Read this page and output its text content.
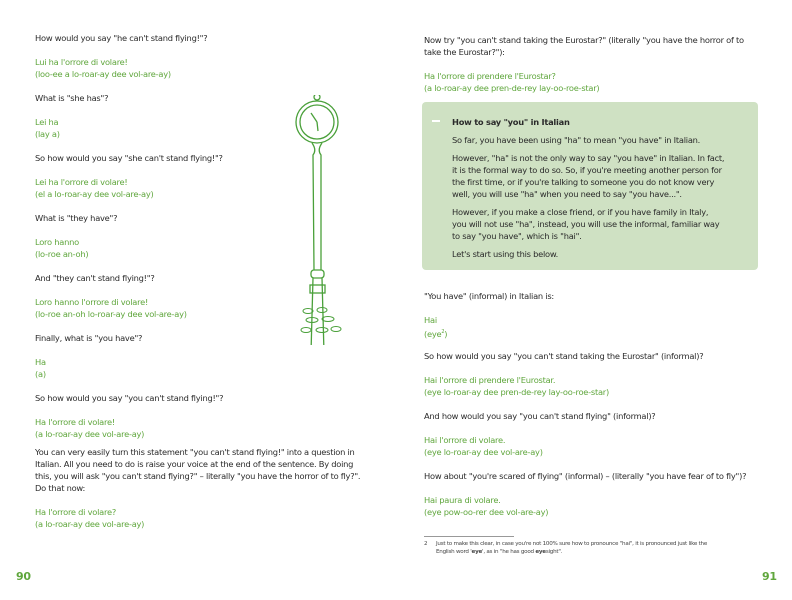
How would you say "he can't stand flying!"?
Lui ha l'orrore di volare!
(loo-ee a lo-roar-ay dee vol-are-ay)
What is "she has"?
Lei ha
(lay a)
So how would you say "she can't stand flying!"?
Lei ha l'orrore di volare!
(el a lo-roar-ay dee vol-are-ay)
What is "they have"?
Loro hanno
(lo-roe an-oh)
And "they can't stand flying!"?
Loro hanno l'orrore di volare!
(lo-roe an-oh lo-roar-ay dee vol-are-ay)
Finally, what is "you have"?
Ha
(a)
So how would you say "you can't stand flying!"?
Ha l'orrore di volare!
(a lo-roar-ay dee vol-are-ay)
You can very easily turn this statement "you can't stand flying!" into a question in
Italian. All you need to do is raise your voice at the end of the sentence. By doing
this, you will ask "you can't stand flying?" – literally "you have the horror of to fly?".
Do that now:
Ha l'orrore di volare?
(a lo-roar-ay dee vol-are-ay)
90
Now try "you can't stand taking the Eurostar?" (literally "you have the horror of to
take the Eurostar?"):
Ha l'orrore di prendere l'Eurostar?
(a lo-roar-ay dee pren-de-rey lay-oo-roe-star)
How to say "you" in Italian
So far, you have been using "ha" to mean "you have" in Italian.
However, "ha" is not the only way to say "you have" in Italian. In fact,
it is the formal way to do so. So, if you're meeting another person for
the first time, or if you're talking to someone you do not know very
well, you will use "ha" when you need to say "you have...".
However, if you make a close friend, or if you have family in Italy,
you will not use "ha", instead, you will use the informal, familiar way
to say "you have", which is "hai".
Let's start using this below.
"You have" (informal) in Italian is:
Hai
(eye$^2$)
So how would you say "you can't stand taking the Eurostar" (informal)?
Hai l'orrore di prendere l'Eurostar.
(eye lo-roar-ay dee pren-de-rey lay-oo-roe-star)
And how would you say "you can't stand flying" (informal)?
Hai l'orrore di volare.
(eye lo-roar-ay dee vol-are-ay)
How about "you're scared of flying" (informal) – (literally "you have fear of to fly")?
Hai paura di volare.
(eye pow-oo-rer dee vol-are-ay)
2 Just to make this clear, in case you're not 100% sure how to pronounce "hai", it is pronounced just like the
English word 'eye', as in "he has good eyesight".
91
